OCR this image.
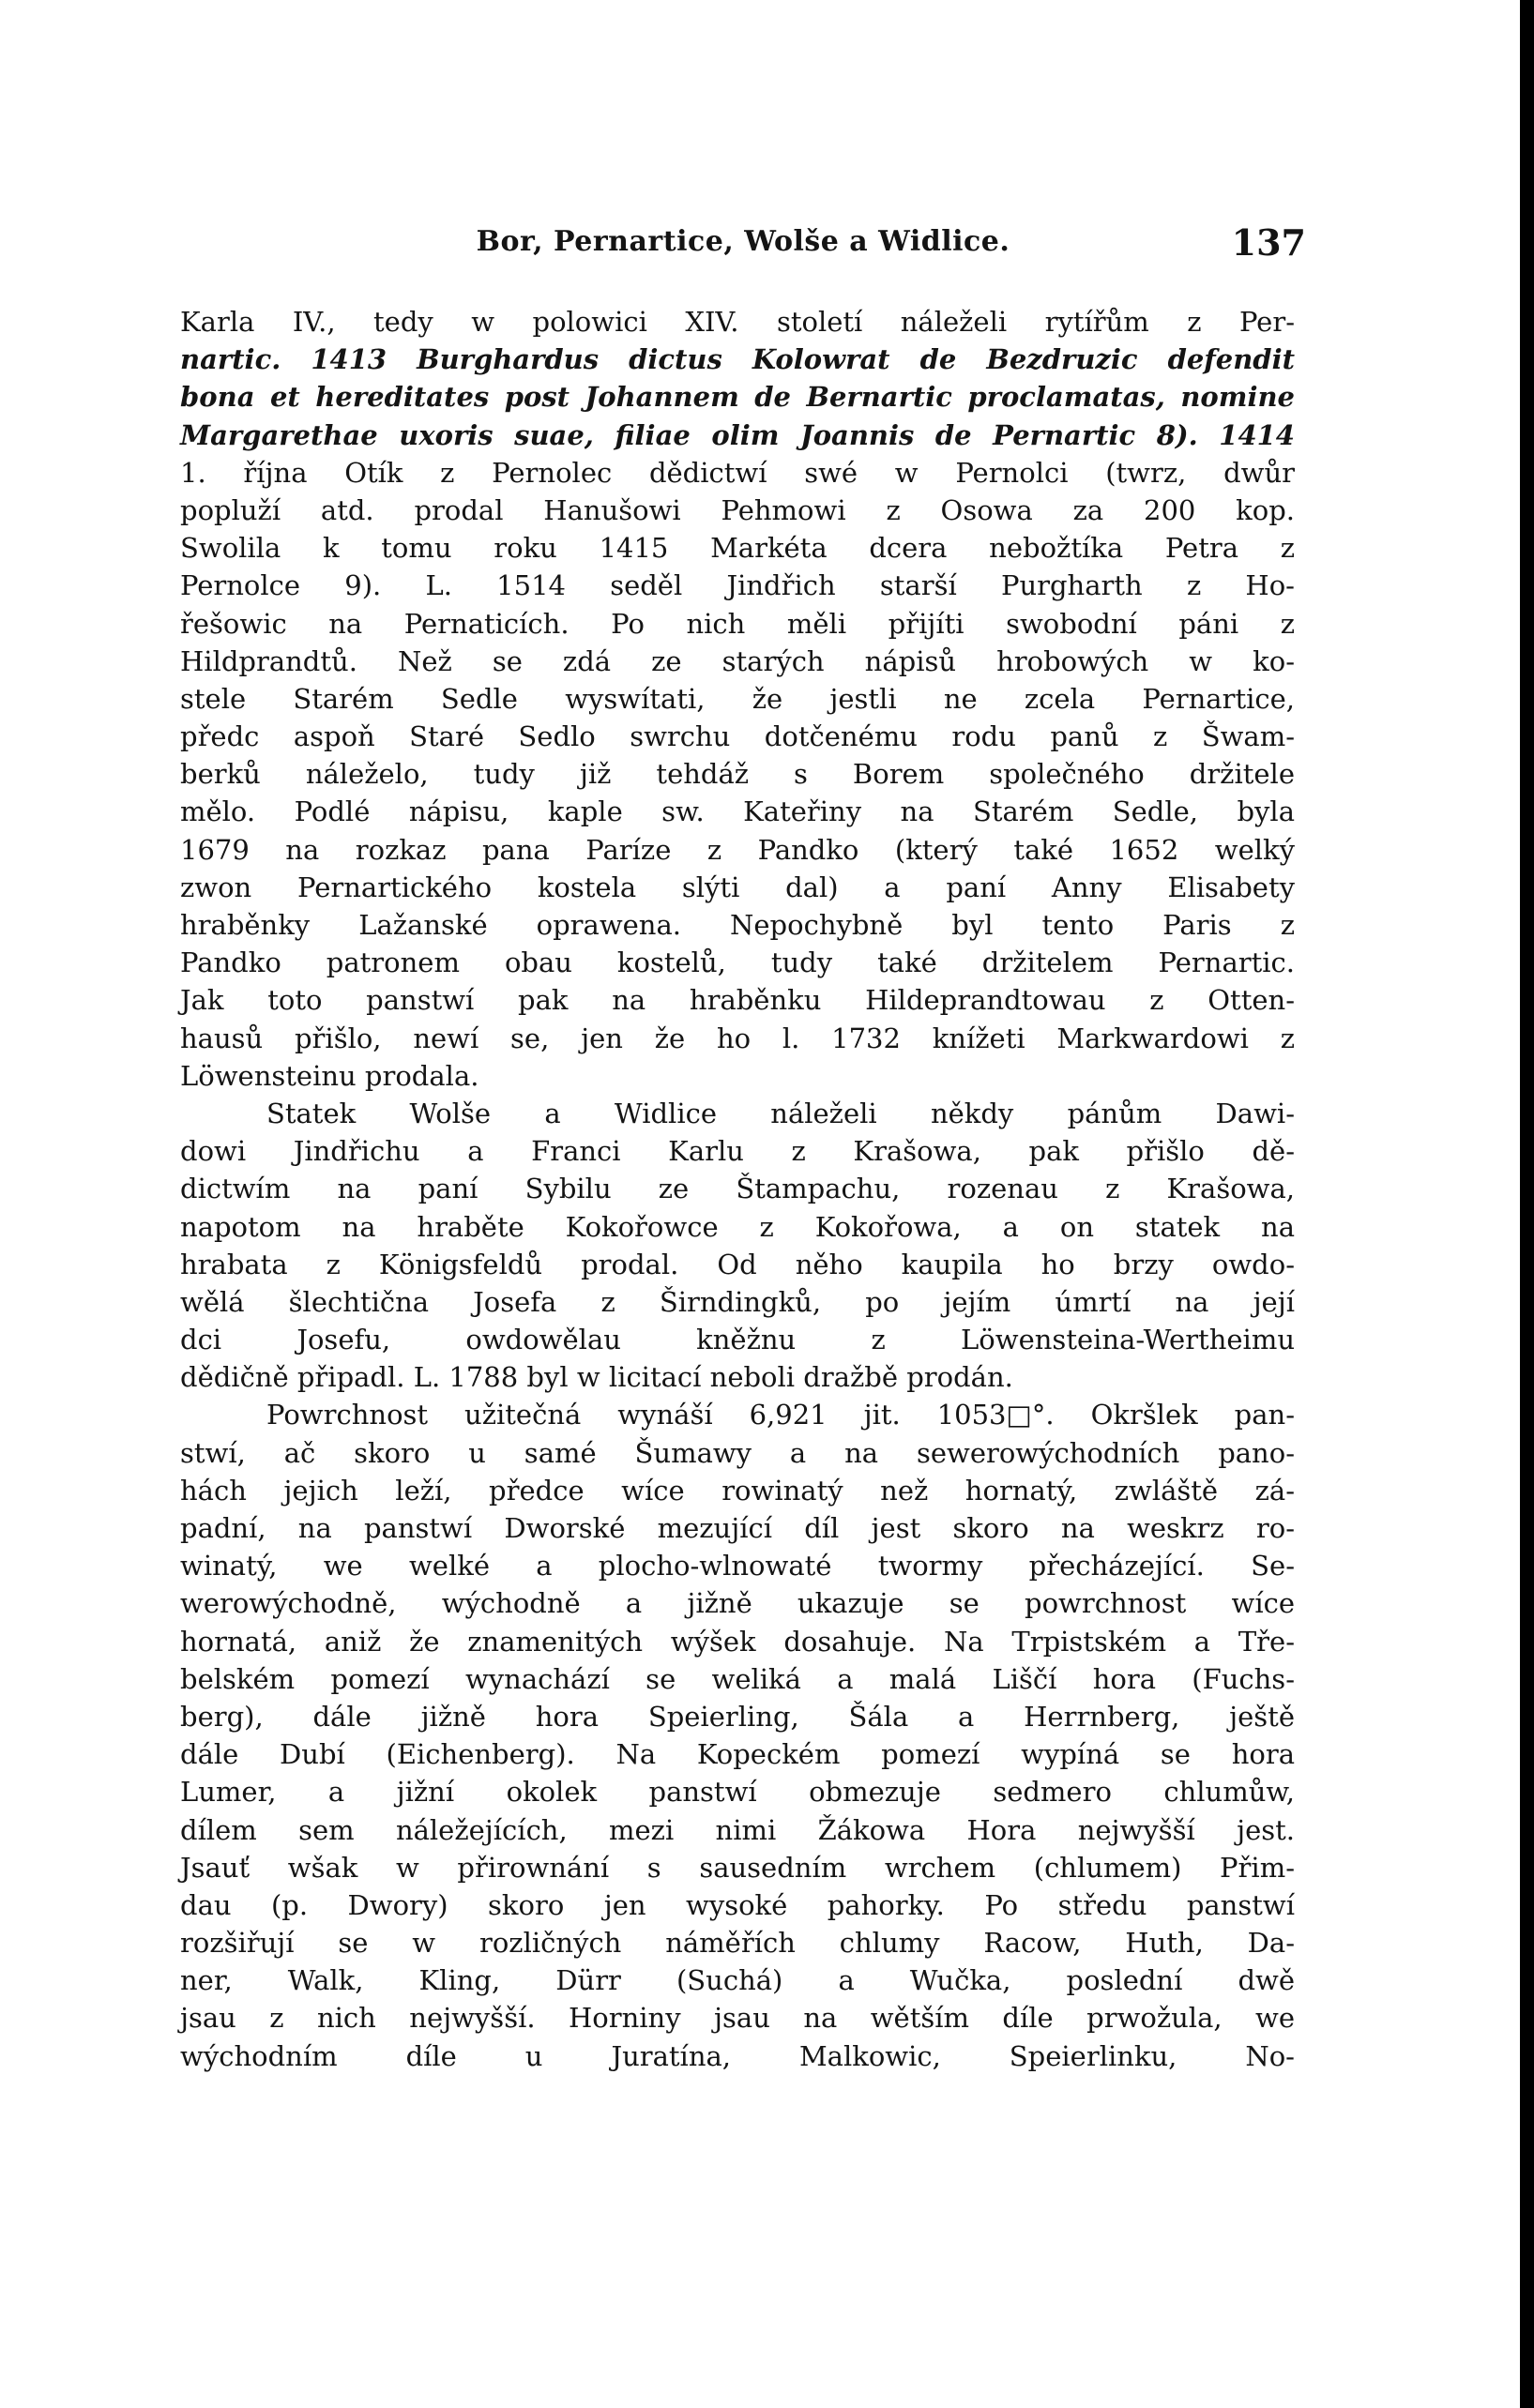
Bor, Pernartice, Wolše a Widlice.	137
Karla IV., tedy w polowici XIV. století náleželi rytířům z Per-
nartic. 1413 Burghardus dictus Kolowrat de Bezdruzic defendit
bona et hereditates post Johannem de Bernartic proclamatas, nomine
Margarethae uxoris suae, filiae olim Joannis de Pernartic 8). 1414
1. října Otík z Pernolec dědictwí swé w Pernolci (twrz, dwůr
popluží atd. prodal Hanušowi Pehmowi z Osowa za 200 kop.
Swolila k tomu roku 1415 Markéta dcera nebožtíka Petra z
Pernolce 9). L. 1514 seděl Jindřich starší Purgharth z Ho-
řešowic na Pernaticích. Po nich měli přijíti swobodní páni z
Hildprandtů. Než se zdá ze starých nápisů hrobowých w ko-
stele Starém Sedle wyswítati, že jestli ne zcela Pernartice,
předc aspoň Staré Sedlo swrchu dotčenému rodu panů z Šwam-
berků náleželo, tudy již tehdáž s Borem společného držitele
mělo. Podlé nápisu, kaple sw. Kateřiny na Starém Sedle, byla
1679 na rozkaz pana Paríze z Pandko (který také 1652 welký
zwon Pernartického kostela slýti dal) a paní Anny Elisabety
hraběnky Lažanské oprawena. Nepochybně byl tento Paris z
Pandko patronem obau kostelů, tudy také držitelem Pernartic.
Jak toto panstwí pak na hraběnku Hildeprandtowau z Otten-
hausů přišlo, newí se, jen že ho l. 1732 knížeti Markwardowi z
Löwensteinu prodala.
Statek Wolše a Widlice náleželi někdy pánům Dawi-
dowi Jindřichu a Franci Karlu z Krašowa, pak přišlo dě-
dictwím na paní Sybilu ze Štampachu, rozenau z Krašowa,
napotom na hraběte Kokořowce z Kokořowa, a on statek na
hrabata z Königsfeldů prodal. Od něho kaupila ho brzy owdo-
wělá šlechtična Josefa z Širndingků, po jejím úmrtí na její
dci Josefu, owdowělau kněžnu z Löwensteina-Wertheimu
dědičně připadl. L. 1788 byl w licitací neboli dražbě prodán.
Powrchnost užitečná wynáší 6,921 jit. 1053□°. Okršlek pan-
stwí, ač skoro u samé Šumawy a na sewerowýchodních pano-
hách jejich leží, předce wíce rowinatý než hornatý, zwláště zá-
padní, na panstwí Dworské mezující díl jest skoro na weskrz ro-
winatý, we welké a plocho-wlnowaté twormy přecházející. Se-
werowýchodně, wýchodně a jižně ukazuje se powrchnost wíce
hornatá, aniž že znamenitých wýšek dosahuje. Na Trpistském a Tře-
belském pomezí wynachází se weliká a malá Liščí hora (Fuchs-
berg), dále jižně hora Speierling, Šála a Herrnberg, ještě
dále Dubí (Eichenberg). Na Kopeckém pomezí wypíná se hora
Lumer, a jižní okolek panstwí obmezuje sedmero chlumůw,
dílem sem náležejících, mezi nimi Žákowa Hora nejwyšší jest.
Jsauť wšak w přirownání s sausedním wrchem (chlumem) Přim-
dau (p. Dwory) skoro jen wysoké pahorky. Po středu panstwí
rozšiřují se w rozličných náměřích chlumy Racow, Huth, Da-
ner, Walk, Kling, Dürr (Suchá) a Wučka, poslední dwě
jsau z nich nejwyšší. Horniny jsau na wětším díle prwožula, we
wýchodním díle u Juratína, Malkowic, Speierlinku, No-
